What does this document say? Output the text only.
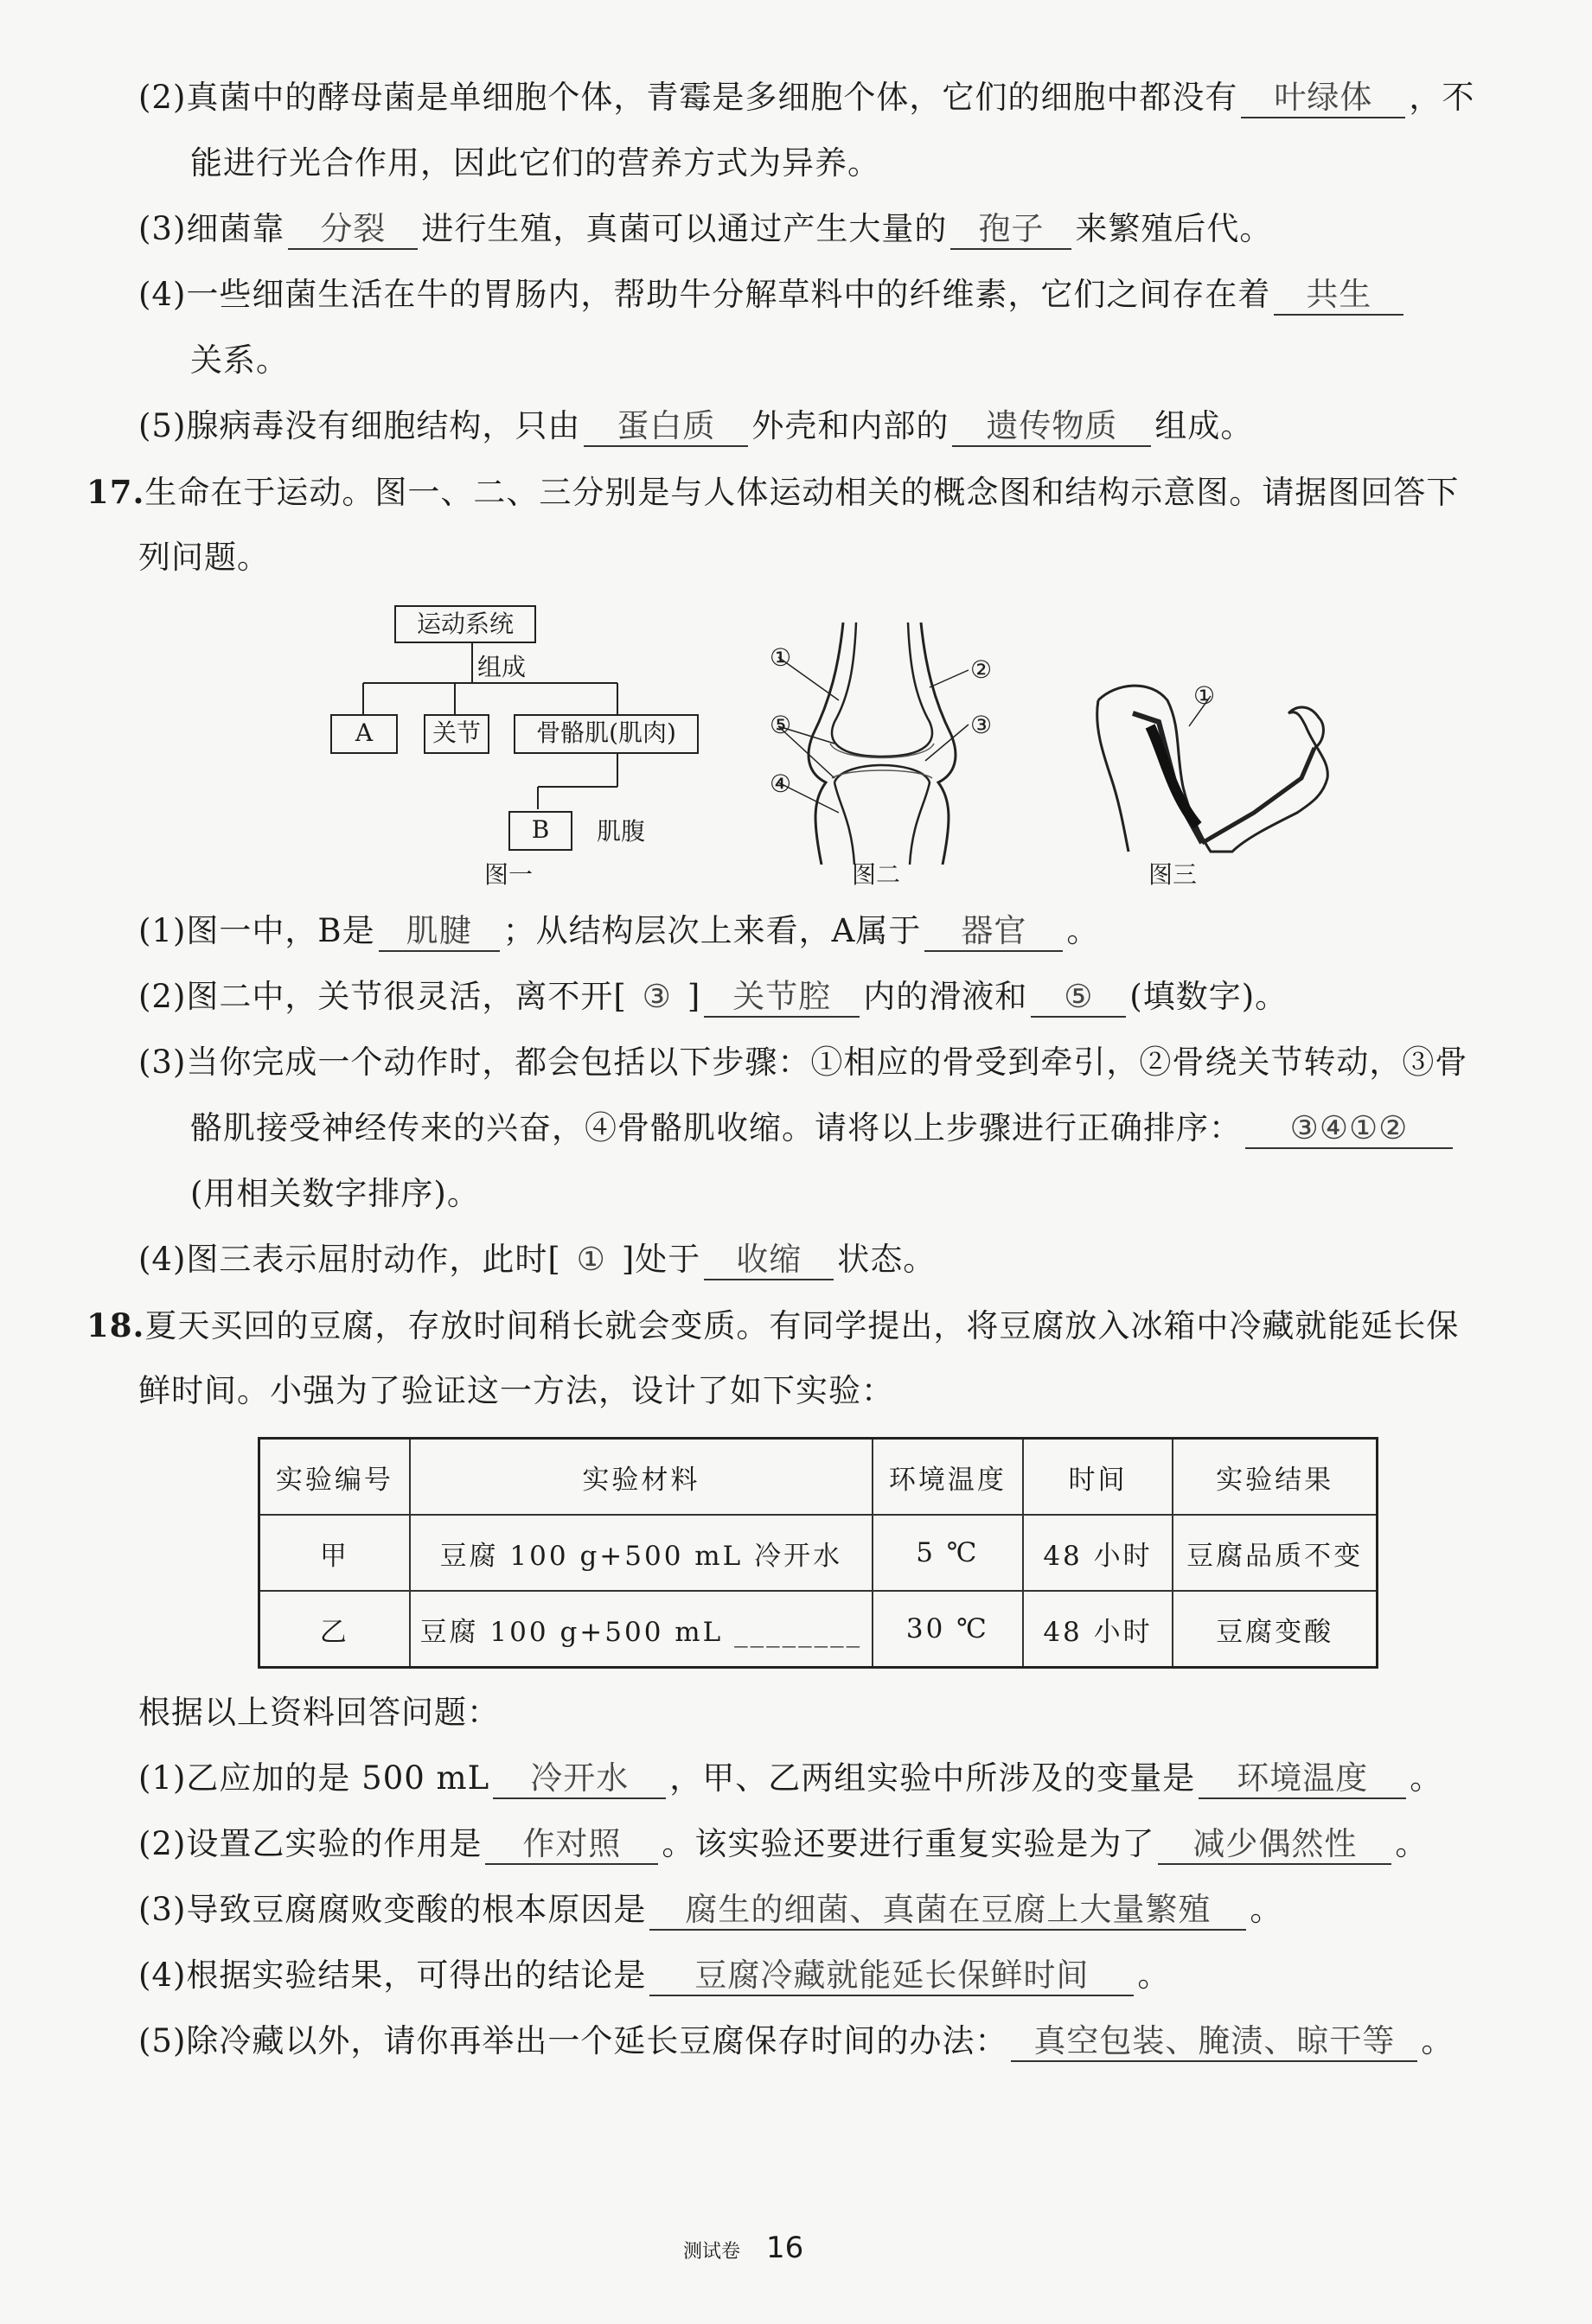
(2)真菌中的酵母菌是单细胞个体，青霉是多细胞个体，它们的细胞中都没有 叶绿体 ，不
能进行光合作用，因此它们的营养方式为异养。
(3)细菌靠 分裂 进行生殖，真菌可以通过产生大量的 孢子 来繁殖后代。
(4)一些细菌生活在牛的胃肠内，帮助牛分解草料中的纤维素，它们之间存在着 共生
关系。
(5)腺病毒没有细胞结构，只由 蛋白质 外壳和内部的 遗传物质 组成。
17.生命在于运动。图一、二、三分别是与人体运动相关的概念图和结构示意图。请据图回答下
列问题。
运动系统
组成
A	关节	骨骼肌(肌肉)
B	肌腹
图一
①	②
③
④
⑤
图二
①
图三
(1)图一中，B是 肌腱 ；从结构层次上来看，A属于 器官 。
(2)图二中，关节很灵活，离不开[ ③ ] 关节腔 内的滑液和 ⑤ (填数字)。
(3)当你完成一个动作时，都会包括以下步骤：①相应的骨受到牵引，②骨绕关节转动，③骨
骼肌接受神经传来的兴奋，④骨骼肌收缩。请将以上步骤进行正确排序： ③④①②
(用相关数字排序)。
(4)图三表示屈肘动作，此时[ ① ]处于 收缩 状态。
18.夏天买回的豆腐，存放时间稍长就会变质。有同学提出，将豆腐放入冰箱中冷藏就能延长保
鲜时间。小强为了验证这一方法，设计了如下实验：
实验编号	实验材料	环境温度	时间	实验结果
甲	豆腐 100 g+500 mL 冷开水	5 ℃	48 小时	豆腐品质不变
乙	豆腐 100 g+500 mL ________	30 ℃	48 小时	豆腐变酸
根据以上资料回答问题：
(1)乙应加的是 500 mL 冷开水 ，甲、乙两组实验中所涉及的变量是 环境温度 。
(2)设置乙实验的作用是 作对照 。该实验还要进行重复实验是为了 减少偶然性 。
(3)导致豆腐腐败变酸的根本原因是 腐生的细菌、真菌在豆腐上大量繁殖 。
(4)根据实验结果，可得出的结论是 豆腐冷藏就能延长保鲜时间 。
(5)除冷藏以外，请你再举出一个延长豆腐保存时间的办法： 真空包装、腌渍、晾干等 。
测试卷 16
